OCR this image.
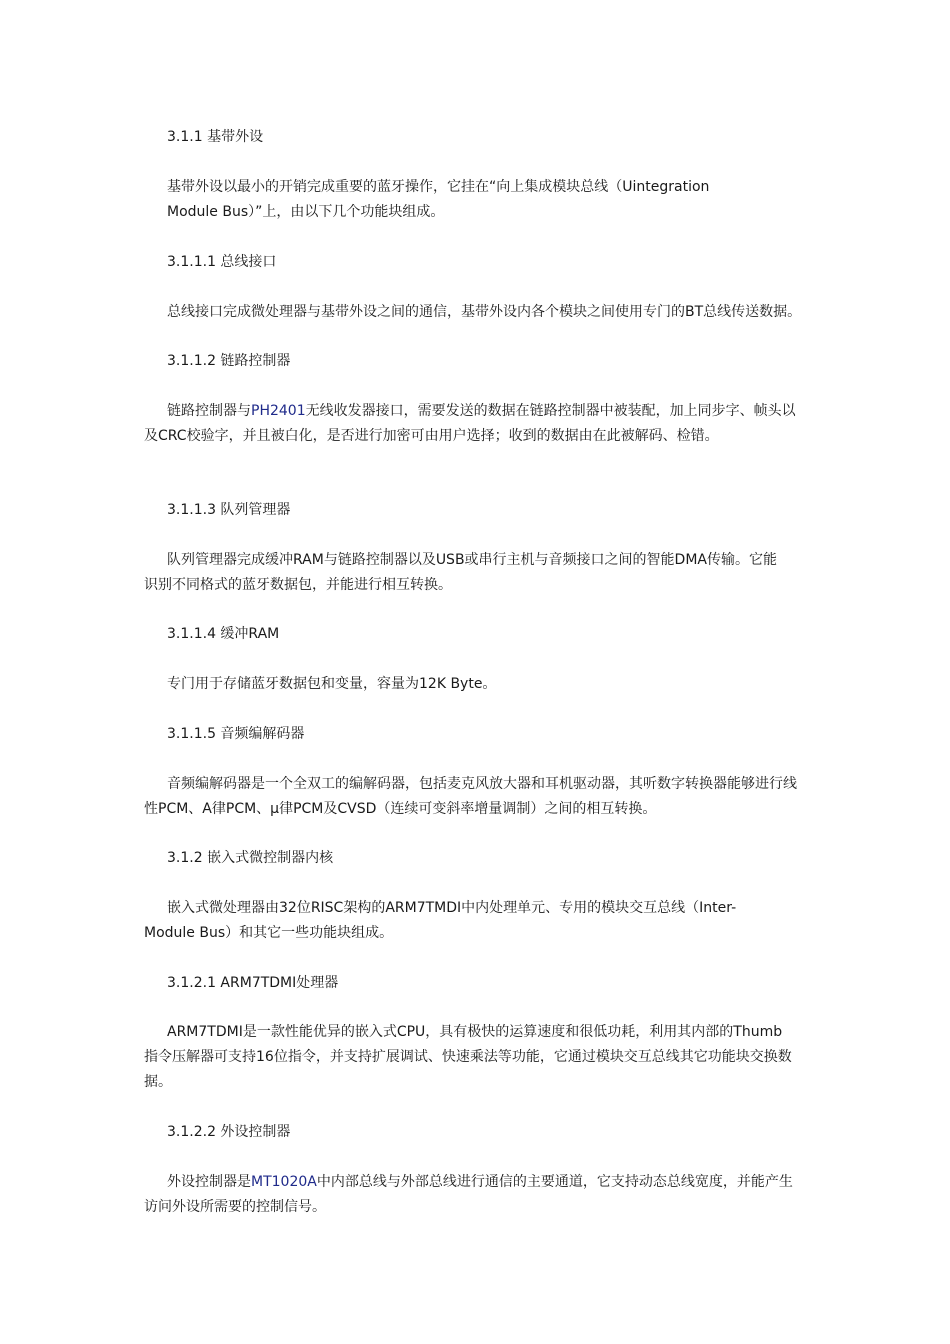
3.1.1 基带外设
基带外设以最小的开销完成重要的蓝牙操作，它挂在“向上集成模块总线（Uintegration
Module Bus）”上，由以下几个功能块组成。
3.1.1.1 总线接口
总线接口完成微处理器与基带外设之间的通信，基带外设内各个模块之间使用专门的BT总线传送数据。
3.1.1.2 链路控制器
链路控制器与PH2401无线收发器接口，需要发送的数据在链路控制器中被装配，加上同步字、帧头以
及CRC校验字，并且被白化，是否进行加密可由用户选择；收到的数据由在此被解码、检错。
3.1.1.3 队列管理器
队列管理器完成缓冲RAM与链路控制器以及USB或串行主机与音频接口之间的智能DMA传输。它能
识别不同格式的蓝牙数据包，并能进行相互转换。
3.1.1.4 缓冲RAM
专门用于存储蓝牙数据包和变量，容量为12K Byte。
3.1.1.5 音频编解码器
音频编解码器是一个全双工的编解码器，包括麦克风放大器和耳机驱动器，其听数字转换器能够进行线
性PCM、A律PCM、μ律PCM及CVSD（连续可变斜率增量调制）之间的相互转换。
3.1.2 嵌入式微控制器内核
嵌入式微处理器由32位RISC架构的ARM7TMDI中内处理单元、专用的模块交互总线（Inter-
Module Bus）和其它一些功能块组成。
3.1.2.1 ARM7TDMI处理器
ARM7TDMI是一款性能优异的嵌入式CPU，具有极快的运算速度和很低功耗，利用其内部的Thumb
指令压解器可支持16位指令，并支持扩展调试、快速乘法等功能，它通过模块交互总线其它功能块交换数
据。
3.1.2.2 外设控制器
外设控制器是MT1020A中内部总线与外部总线进行通信的主要通道，它支持动态总线宽度，并能产生
访问外设所需要的控制信号。
